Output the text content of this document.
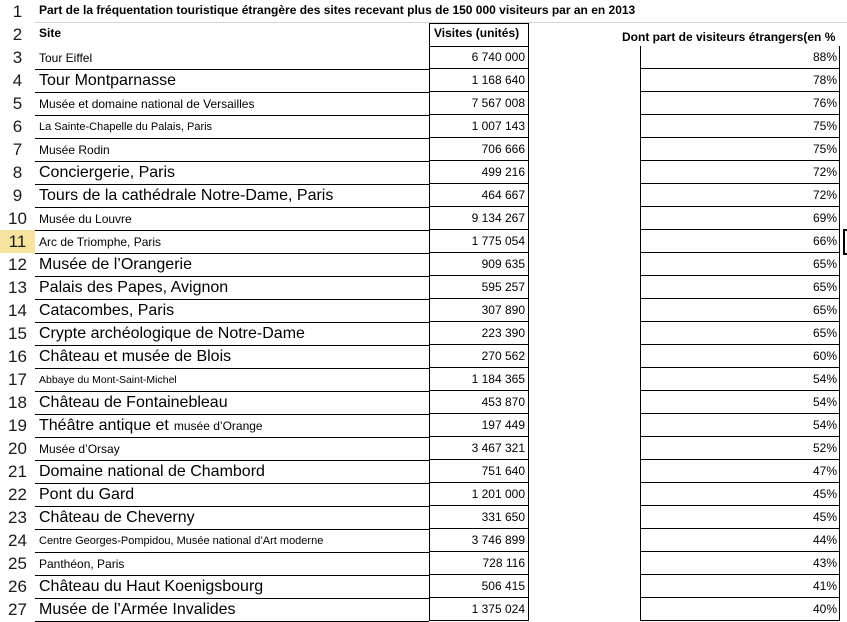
Part de la fréquentation touristique étrangère des sites recevant plus de 150 000 visiteurs par an en 2013
Site	Visites (unités)	Dont part de visiteurs étrangers(en %
1
2
3
4
5
6
7
8
9
10
11
12
13
14
15
16
17
18
19
20
21
22
23
24
25
26
27
Tour Eiffel	6 740 000	88%
Tour Montparnasse	1 168 640	78%
Musée et domaine national de Versailles	7 567 008	76%
La Sainte-Chapelle du Palais, Paris	1 007 143	75%
Musée Rodin	706 666	75%
Conciergerie, Paris	499 216	72%
Tours de la cathédrale Notre-Dame, Paris	464 667	72%
Musée du Louvre	9 134 267	69%
Arc de Triomphe, Paris	1 775 054	66%
Musée de l’Orangerie	909 635	65%
Palais des Papes, Avignon	595 257	65%
Catacombes, Paris	307 890	65%
Crypte archéologique de Notre-Dame	223 390	65%
Château et musée de Blois	270 562	60%
Abbaye du Mont-Saint-Michel	1 184 365	54%
Château de Fontainebleau	453 870	54%
Théâtre antique et musée d’Orange	197 449	54%
Musée d’Orsay	3 467 321	52%
Domaine national de Chambord	751 640	47%
Pont du Gard	1 201 000	45%
Château de Cheverny	331 650	45%
Centre Georges-Pompidou, Musée national d’Art moderne	3 746 899	44%
Panthéon, Paris	728 116	43%
Château du Haut Koenigsbourg	506 415	41%
Musée de l’Armée Invalides	1 375 024	40%
